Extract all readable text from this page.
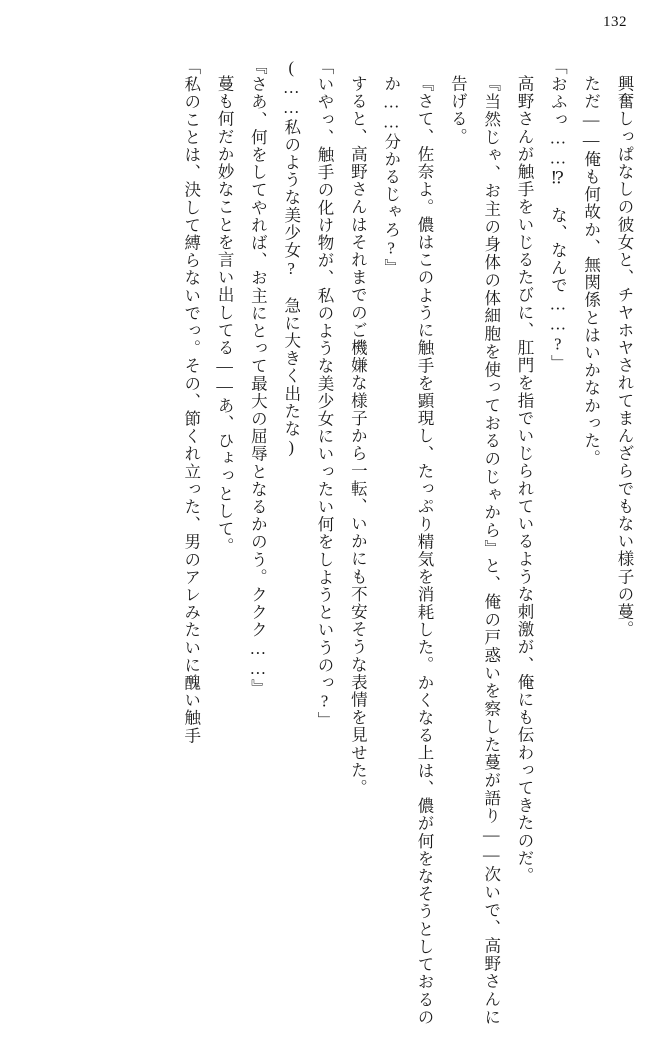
132

興奮しっぱなしの彼女と、チヤホヤされてまんざらでもない様子の蔓。

ただ――俺も何故か、無関係とはいかなかった。

「おふっ……⁉　な、なんで……?」

高野さんが触手をいじるたびに、肛門を指でいじられているような刺激が、俺にも伝わってきたのだ。

『当然じゃ、お主の身体の体細胞を使っておるのじゃから』と、俺の戸惑いを察した蔓が語り――次いで、高野さんに告げる。

『さて、佐奈よ。儂はこのように触手を顕現し、たっぷり精気を消耗した。かくなる上は、儂が何をなそうとしておるのか……分かるじゃろ?』

すると、高野さんはそれまでのご機嫌な様子から一転、いかにも不安そうな表情を見せた。

「いやっ、触手の化け物が、私のような美少女にいったい何をしようというのっ?」

(……私のような美少女?　急に大きく出たな)

『さあ、何をしてやれば、お主にとって最大の屈辱となるかのう。ククク……』

蔓も何だか妙なことを言い出してる――あ、ひょっとして。

「私のことは、決して縛らないでっ。その、節くれ立った、男のアレみたいに醜い触手
